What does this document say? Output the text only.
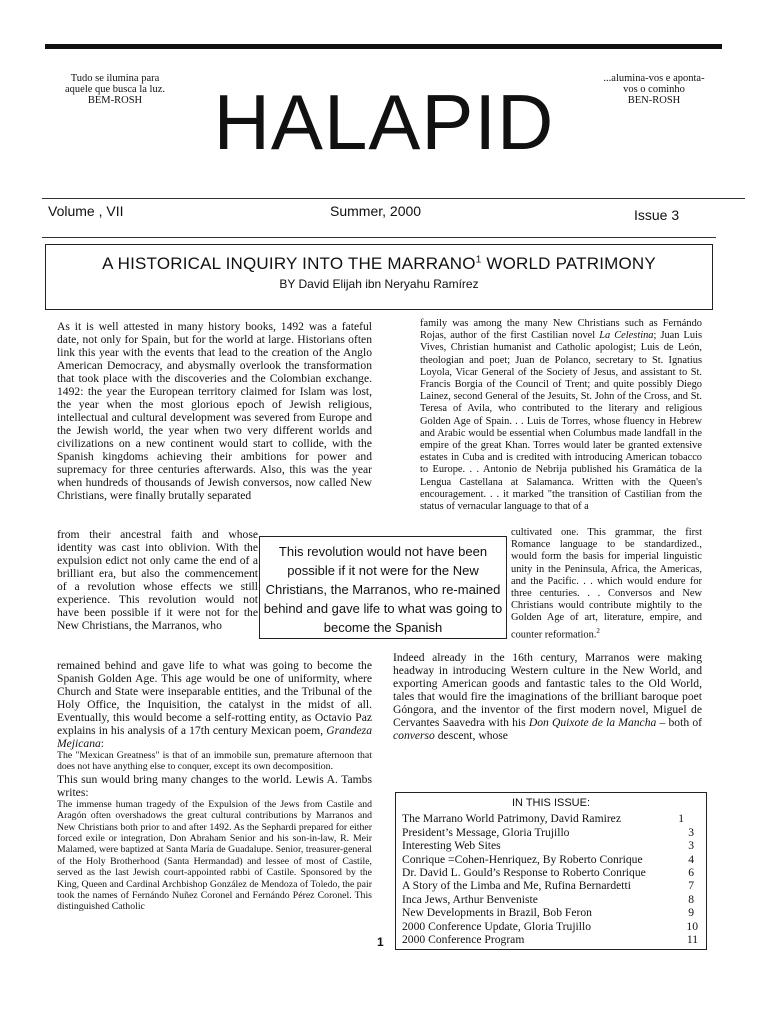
Tudo se ilumina para
aquele que busca la luz.
BEM-ROSH HALAPID	...alumina-vos e aponta-
vos o cominho
BEN-ROSH
Volume , VII	Summer, 2000	Issue 3
A HISTORICAL INQUIRY INTO THE MARRANO$^1$ WORLD PATRIMONY
BY David Elijah ibn Neryahu Ramírez

As it is well attested in many history books, 1492 was a fateful date, not only for Spain, but for the world at large. Historians often link this year with the events that lead to the creation of the Anglo American Democracy, and abysmally overlook the transformation that took place with the discoveries and the Colombian exchange. 1492: the year the European territory claimed for Islam was lost, the year when the most glorious epoch of Jewish religious, intellectual and cultural development was severed from Europe and the Jewish world, the year when two very different worlds and civilizations on a new continent would start to collide, with the Spanish kingdoms achieving their ambitions for power and supremacy for three centuries afterwards. Also, this was the year when hundreds of thousands of Jewish conversos, now called New Christians, were finally brutally separated

from their ancestral faith and whose identity was cast into oblivion. With the expulsion edict not only came the end of a brilliant era, but also the commencement of a revolution whose effects we still experience. This revolution would not have been possible if it were not for the New Christians, the Marranos, who

remained behind and gave life to what was going to become the Spanish Golden Age. This age would be one of uniformity, where Church and State were inseparable entities, and the Tribunal of the Holy Office, the Inquisition, the catalyst in the midst of all. Eventually, this would become a self-rotting entity, as Octavio Paz explains in his analysis of a 17th century Mexican poem, Grandeza Mejicana:

The "Mexican Greatness" is that of an immobile sun, premature afternoon that does not have anything else to conquer, except its own decomposition.

This sun would bring many changes to the world. Lewis A. Tambs writes:

The immense human tragedy of the Expulsion of the Jews from Castile and Aragón often overshadows the great cultural contributions by Marranos and New Christians both prior to and after 1492. As the Sephardi prepared for either forced exile or integration, Don Abraham Senior and his son-in-law, R. Meir Malamed, were baptized at Santa María de Guadalupe. Senior, treasurer-general of the Holy Brotherhood (Santa Hermandad) and lessee of most of Castile, served as the last Jewish court-appointed rabbi of Castile. Sponsored by the King, Queen and Cardinal Archbishop González de Mendoza of Toledo, the pair took the names of Fernándo Nuñez Coronel and Fernándo Pérez Coronel. This distinguished Catholic

family was among the many New Christians such as Fernándo Rojas, author of the first Castilian novel La Celestina; Juan Luis Vives, Christian humanist and Catholic apologist; Luis de León, theologian and poet; Juan de Polanco, secretary to St. Ignatius Loyola, Vicar General of the Society of Jesus, and assistant to St. Francis Borgia of the Council of Trent; and quite possibly Diego Lainez, second General of the Jesuits, St. John of the Cross, and St. Teresa of Avila, who contributed to the literary and religious Golden Age of Spain. . . Luis de Torres, whose fluency in Hebrew and Arabic would be essential when Columbus made landfall in the empire of the great Khan. Torres would later be granted extensive estates in Cuba and is credited with introducing American tobacco to Europe. . . Antonio de Nebrija published his Gramática de la Lengua Castellana at Salamanca. Written with the Queen's encouragement. . . it marked "the transition of Castilian from the status of vernacular language to that of a

cultivated one. This grammar, the first Romance language to be standardized., would form the basis for imperial linguistic unity in the Peninsula, Africa, the Americas, and the Pacific. . . which would endure for three centuries. . . Conversos and New Christians would contribute mightily to the Golden Age of art, literature, empire, and counter reformation.$^2$

Indeed already in the 16th century, Marranos were making headway in introducing Western culture in the New World, and exporting American goods and fantastic tales to the Old World, tales that would fire the imaginations of the brilliant baroque poet Góngora, and the inventor of the first modern novel, Miguel de Cervantes Saavedra with his Don Quixote de la Mancha – both of converso descent, whose

This revolution would not have been possible if it not were for the New Christians, the Marranos, who re-mained behind and gave life to what was going to become the Spanish
IN THIS ISSUE:
The Marrano World Patrimony, David Ramirez	1
President’s Message, Gloria Trujillo	3
Interesting Web Sites	3
Conrique =Cohen-Henriquez, By Roberto Conrique	4
Dr. David L. Gould’s Response to Roberto Conrique	6
A Story of the Limba and Me, Rufina Bernardetti	7
Inca Jews, Arthur Benveniste	8
New Developments in Brazil, Bob Feron	9
2000 Conference Update, Gloria Trujillo	10
2000 Conference Program	11
1
